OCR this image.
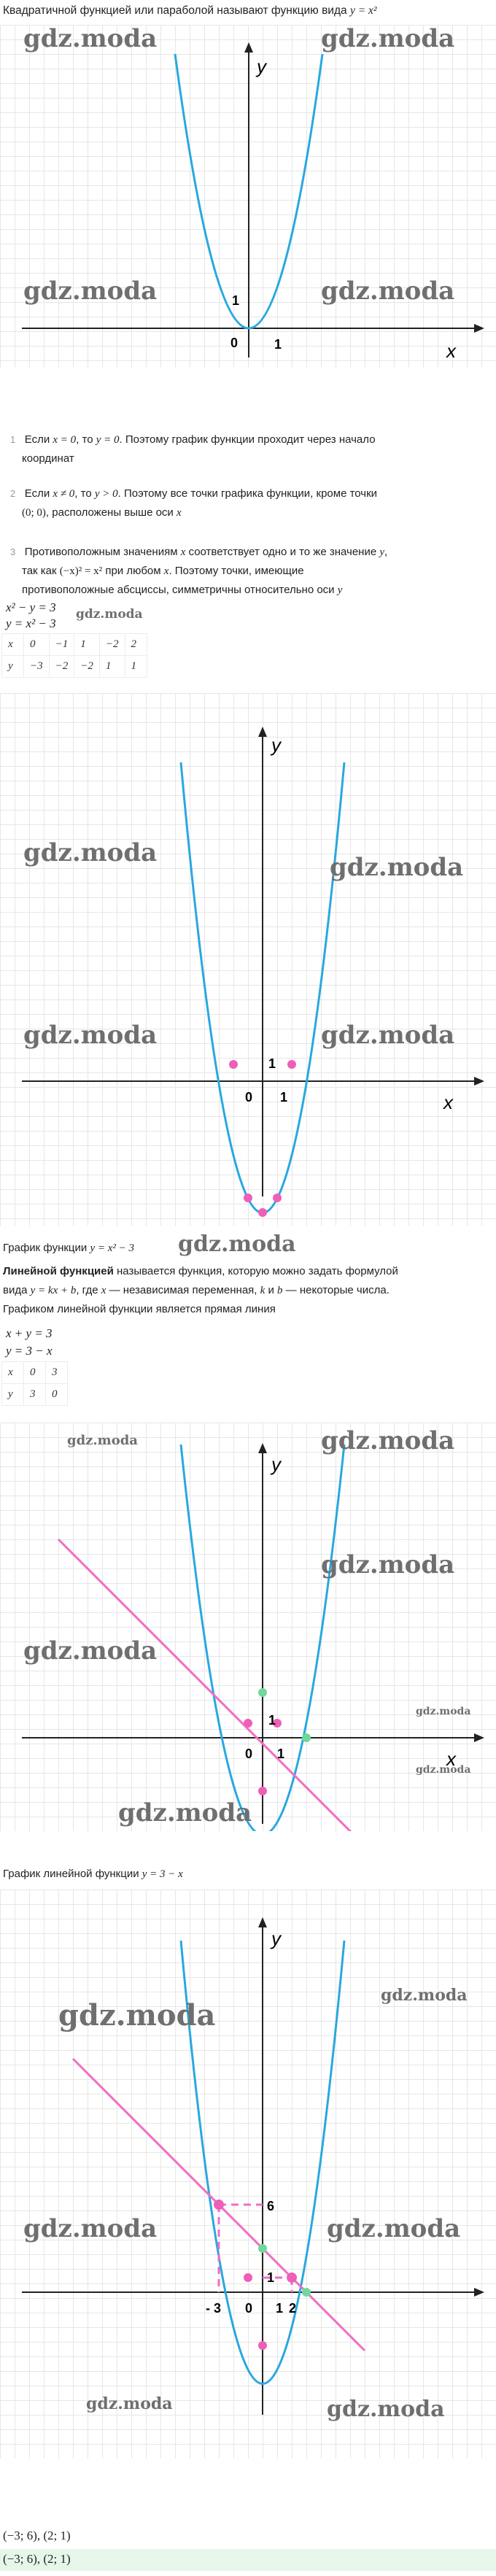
Квадратичной функцией или параболой называют функцию вида y = x²
y
x
0	1
1
gdz.moda	gdz.moda
gdz.moda	gdz.moda
1 Если x = 0, то y = 0. Поэтому график функции проходит через начало
координат
2 Если x ≠ 0, то y > 0. Поэтому все точки графика функции, кроме точки
(0; 0), расположены выше оси x
3 Противоположным значениям x соответствует одно и то же значение y,
так как (−x)² = x² при любом x. Поэтому точки, имеющие
противоположные абсциссы, симметричны относительно оси y
x² − y = 3
y = x² − 3
gdz.moda
x	0	−1	1	−2	2
y	−3	−2	−2	1	1
y
x
0 1
1
gdz.moda	gdz.moda
gdz.moda	gdz.moda
График функции y = x² − 3 gdz.moda
Линейной функцией называется функция, которую можно задать формулой
вида y = kx + b, где x — независимая переменная, k и b — некоторые числа.
Графиком линейной функции является прямая линия
x + y = 3
y = 3 − x
x	0	3
y	3	0
y
x
0 1
1
gdz.moda	gdz.moda
gdz.moda
gdz.moda
gdz.moda
gdz.moda
gdz.moda
График линейной функции y = 3 − x
y
0 1
1
- 3	2
6
gdz.moda
gdz.moda
gdz.moda	gdz.moda
gdz.moda	gdz.moda
(−3; 6), (2; 1)
(−3; 6), (2; 1)
